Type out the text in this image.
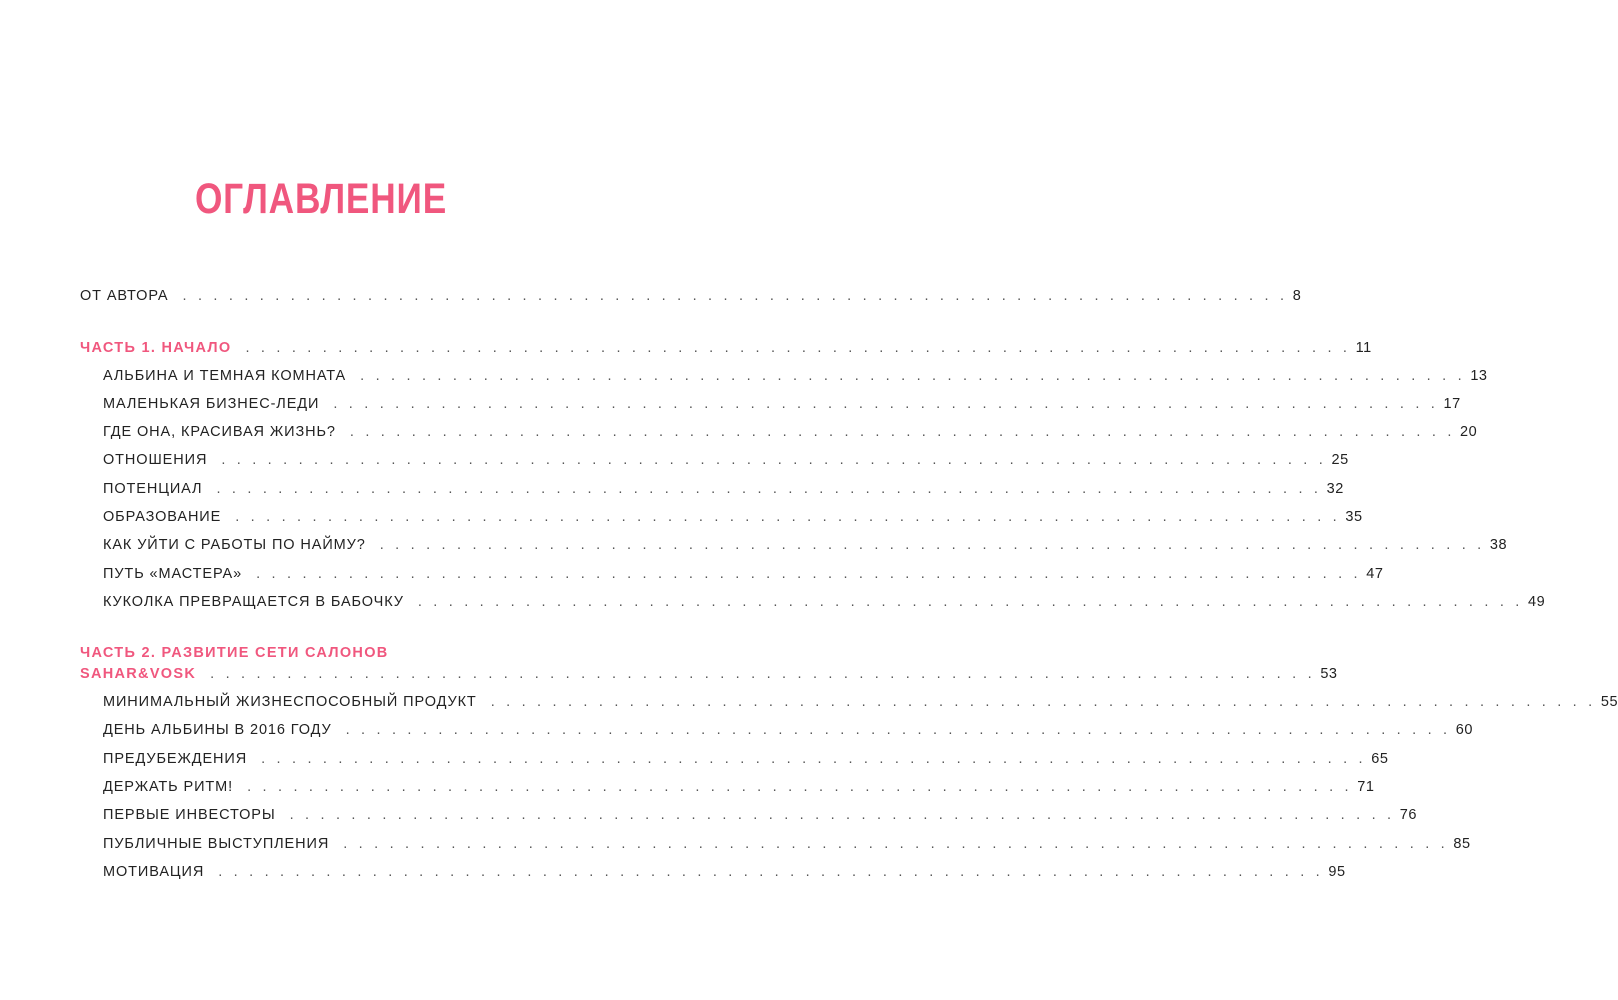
ОГЛАВЛЕНИЕ
ОТ АВТОРА . . . . . . . . . . . . . . . . . . . . . . . . . . . . . . . . . . . . . . . . . . . . . . . . . . . . . . . . . . . . . . . . . . . . . . . . 8
ЧАСТЬ 1. НАЧАЛО . . . . . . . . . . . . . . . . . . . . . . . . . . . . . . . . . . . . . . . . . . . . . . . . . . . . . . . . . . . . . . . . . . . . . . . . 11
АЛЬБИНА И ТЕМНАЯ КОМНАТА . . . . . . . . . . . . . . . . . . . . . . . . . . . . . . . . . . . . . . . . . . . . . . . . . . . . . . . . . . . . . . . . . . . . . . . . 13
МАЛЕНЬКАЯ БИЗНЕС-ЛЕДИ . . . . . . . . . . . . . . . . . . . . . . . . . . . . . . . . . . . . . . . . . . . . . . . . . . . . . . . . . . . . . . . . . . . . . . . . 17
ГДЕ ОНА, КРАСИВАЯ ЖИЗНЬ? . . . . . . . . . . . . . . . . . . . . . . . . . . . . . . . . . . . . . . . . . . . . . . . . . . . . . . . . . . . . . . . . . . . . . . . . 20
ОТНОШЕНИЯ . . . . . . . . . . . . . . . . . . . . . . . . . . . . . . . . . . . . . . . . . . . . . . . . . . . . . . . . . . . . . . . . . . . . . . . . 25
ПОТЕНЦИАЛ . . . . . . . . . . . . . . . . . . . . . . . . . . . . . . . . . . . . . . . . . . . . . . . . . . . . . . . . . . . . . . . . . . . . . . . . 32
ОБРАЗОВАНИЕ . . . . . . . . . . . . . . . . . . . . . . . . . . . . . . . . . . . . . . . . . . . . . . . . . . . . . . . . . . . . . . . . . . . . . . . . 35
КАК УЙТИ С РАБОТЫ ПО НАЙМУ? . . . . . . . . . . . . . . . . . . . . . . . . . . . . . . . . . . . . . . . . . . . . . . . . . . . . . . . . . . . . . . . . . . . . . . . . 38
ПУТЬ «МАСТЕРА» . . . . . . . . . . . . . . . . . . . . . . . . . . . . . . . . . . . . . . . . . . . . . . . . . . . . . . . . . . . . . . . . . . . . . . . . 47
КУКОЛКА ПРЕВРАЩАЕТСЯ В БАБОЧКУ . . . . . . . . . . . . . . . . . . . . . . . . . . . . . . . . . . . . . . . . . . . . . . . . . . . . . . . . . . . . . . . . . . . . . . . . 49
ЧАСТЬ 2. РАЗВИТИЕ СЕТИ САЛОНОВ
SAHAR&VOSK . . . . . . . . . . . . . . . . . . . . . . . . . . . . . . . . . . . . . . . . . . . . . . . . . . . . . . . . . . . . . . . . . . . . . . . . 53
МИНИМАЛЬНЫЙ ЖИЗНЕСПОСОБНЫЙ ПРОДУКТ . . . . . . . . . . . . . . . . . . . . . . . . . . . . . . . . . . . . . . . . . . . . . . . . . . . . . . . . . . . . . . . . . . . . . . . . 55
ДЕНЬ АЛЬБИНЫ В 2016 ГОДУ . . . . . . . . . . . . . . . . . . . . . . . . . . . . . . . . . . . . . . . . . . . . . . . . . . . . . . . . . . . . . . . . . . . . . . . . 60
ПРЕДУБЕЖДЕНИЯ . . . . . . . . . . . . . . . . . . . . . . . . . . . . . . . . . . . . . . . . . . . . . . . . . . . . . . . . . . . . . . . . . . . . . . . . 65
ДЕРЖАТЬ РИТМ! . . . . . . . . . . . . . . . . . . . . . . . . . . . . . . . . . . . . . . . . . . . . . . . . . . . . . . . . . . . . . . . . . . . . . . . . 71
ПЕРВЫЕ ИНВЕСТОРЫ . . . . . . . . . . . . . . . . . . . . . . . . . . . . . . . . . . . . . . . . . . . . . . . . . . . . . . . . . . . . . . . . . . . . . . . . 76
ПУБЛИЧНЫЕ ВЫСТУПЛЕНИЯ . . . . . . . . . . . . . . . . . . . . . . . . . . . . . . . . . . . . . . . . . . . . . . . . . . . . . . . . . . . . . . . . . . . . . . . . 85
МОТИВАЦИЯ . . . . . . . . . . . . . . . . . . . . . . . . . . . . . . . . . . . . . . . . . . . . . . . . . . . . . . . . . . . . . . . . . . . . . . . . 95
